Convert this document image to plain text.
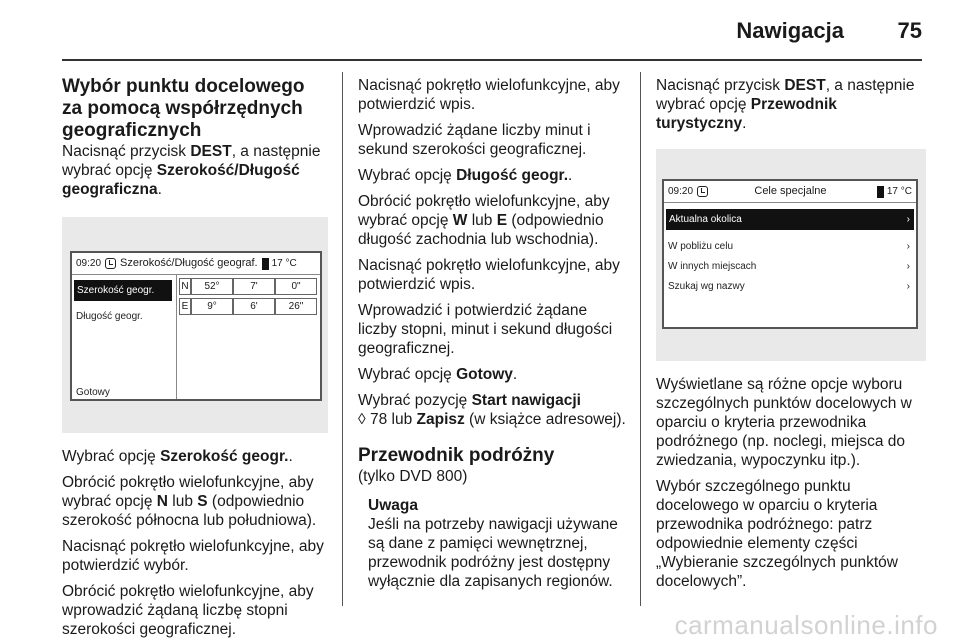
Nawigacja 75
Wybór punktu docelowego za pomocą współrzędnych geograficznych

Nacisnąć przycisk DEST, a następnie wybrać opcję Szerokość/Długość geograficzna.

09:20 Szerokość/Długość geograf. 17 °C
Szerokość geogr.
Długość geogr.
Gotowy
N	52°	7'	0"
E	9°	6'	26"

Wybrać opcję Szerokość geogr..

Obrócić pokrętło wielofunkcyjne, aby wybrać opcję N lub S (odpowiednio szerokość północna lub południowa).

Nacisnąć pokrętło wielofunkcyjne, aby potwierdzić wybór.

Obrócić pokrętło wielofunkcyjne, aby wprowadzić żądaną liczbę stopni szerokości geograficznej.

Nacisnąć pokrętło wielofunkcyjne, aby potwierdzić wpis.

Wprowadzić żądane liczby minut i sekund szerokości geograficznej.

Wybrać opcję Długość geogr..

Obrócić pokrętło wielofunkcyjne, aby wybrać opcję W lub E (odpowiednio długość zachodnia lub wschodnia).

Nacisnąć pokrętło wielofunkcyjne, aby potwierdzić wpis.

Wprowadzić i potwierdzić żądane liczby stopni, minut i sekund długości geograficznej.

Wybrać opcję Gotowy.

Wybrać pozycję Start nawigacji
◊ 78 lub Zapisz (w książce adresowej).

Przewodnik podróżny

(tylko DVD 800)

Uwaga
Jeśli na potrzeby nawigacji używane są dane z pamięci wewnętrznej, przewodnik podróżny jest dostępny wyłącznie dla zapisanych regionów.

Nacisnąć przycisk DEST, a następnie wybrać opcję Przewodnik turystyczny.

09:20	Cele specjalne	17 °C
Aktualna okolica	›
W pobliżu celu	›
W innych miejscach	›
Szukaj wg nazwy	›

Wyświetlane są różne opcje wyboru szczególnych punktów docelowych w oparciu o kryteria przewodnika podróżnego (np. noclegi, miejsca do zwiedzania, wypoczynku itp.).

Wybór szczególnego punktu docelowego w oparciu o kryteria przewodnika podróżnego: patrz odpowiednie elementy części „Wybieranie szczególnych punktów docelowych”.

carmanualsonline.info
